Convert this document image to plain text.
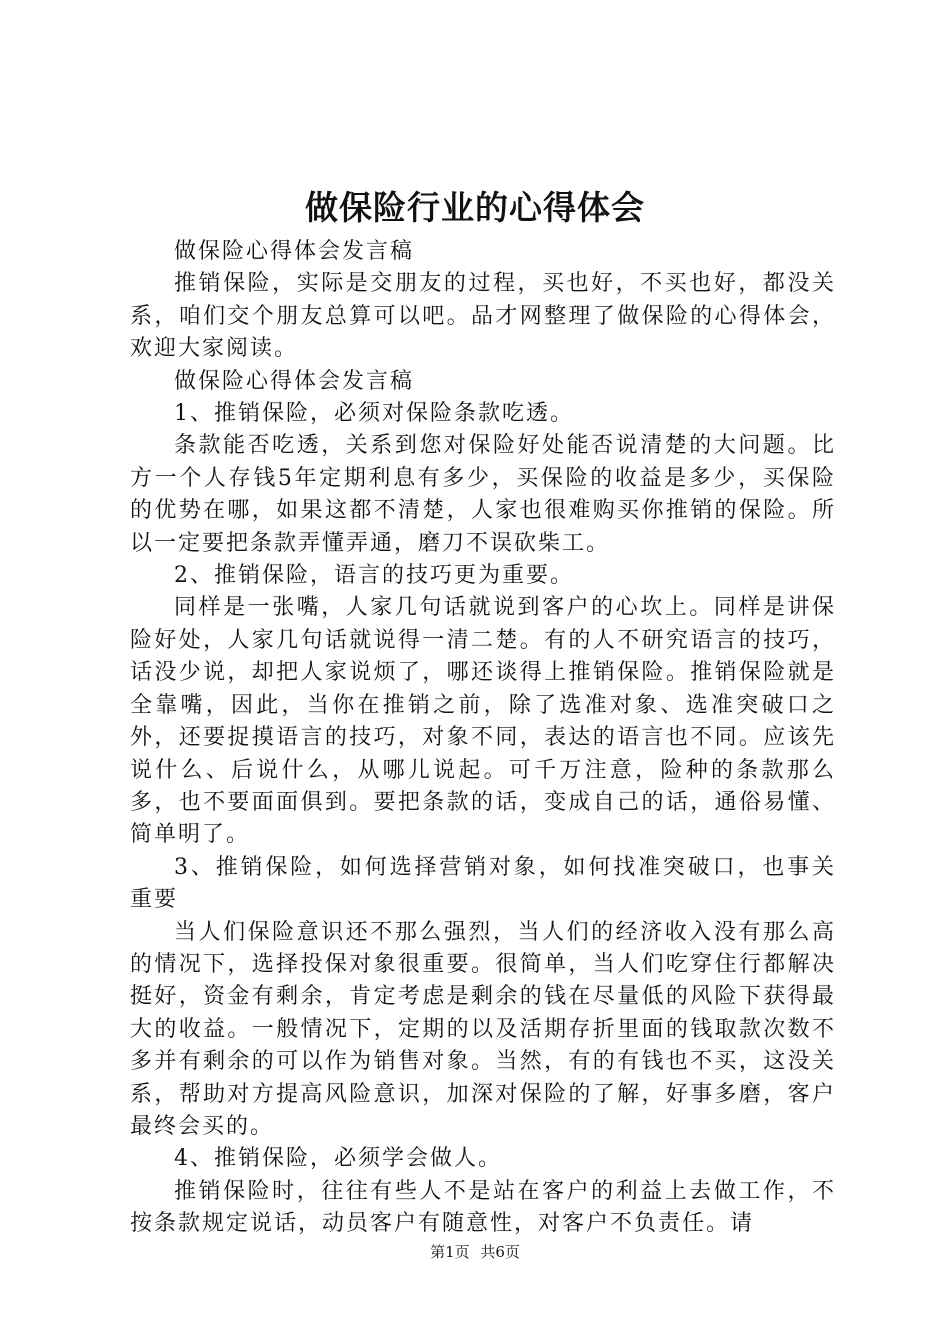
做保险行业的心得体会

做保险心得体会发言稿

推销保险，实际是交朋友的过程，买也好，不买也好，都没关系，咱们交个朋友总算可以吧。品才网整理了做保险的心得体会，欢迎大家阅读。

做保险心得体会发言稿

1、推销保险，必须对保险条款吃透。

条款能否吃透，关系到您对保险好处能否说清楚的大问题。比方一个人存钱5年定期利息有多少，买保险的收益是多少，买保险的优势在哪，如果这都不清楚，人家也很难购买你推销的保险。所以一定要把条款弄懂弄通，磨刀不误砍柴工。

2、推销保险，语言的技巧更为重要。

同样是一张嘴，人家几句话就说到客户的心坎上。同样是讲保险好处，人家几句话就说得一清二楚。有的人不研究语言的技巧，话没少说，却把人家说烦了，哪还谈得上推销保险。推销保险就是全靠嘴，因此，当你在推销之前，除了选准对象、选准突破口之外，还要捉摸语言的技巧，对象不同，表达的语言也不同。应该先说什么、后说什么，从哪儿说起。可千万注意，险种的条款那么多，也不要面面俱到。要把条款的话，变成自己的话，通俗易懂、简单明了。

3、推销保险，如何选择营销对象，如何找准突破口，也事关重要

当人们保险意识还不那么强烈，当人们的经济收入没有那么高的情况下，选择投保对象很重要。很简单，当人们吃穿住行都解决挺好，资金有剩余，肯定考虑是剩余的钱在尽量低的风险下获得最大的收益。一般情况下，定期的以及活期存折里面的钱取款次数不多并有剩余的可以作为销售对象。当然，有的有钱也不买，这没关系，帮助对方提高风险意识，加深对保险的了解，好事多磨，客户最终会买的。

4、推销保险，必须学会做人。

推销保险时，往往有些人不是站在客户的利益上去做工作，不按条款规定说话，动员客户有随意性，对客户不负责任。请

第1页 共6页
